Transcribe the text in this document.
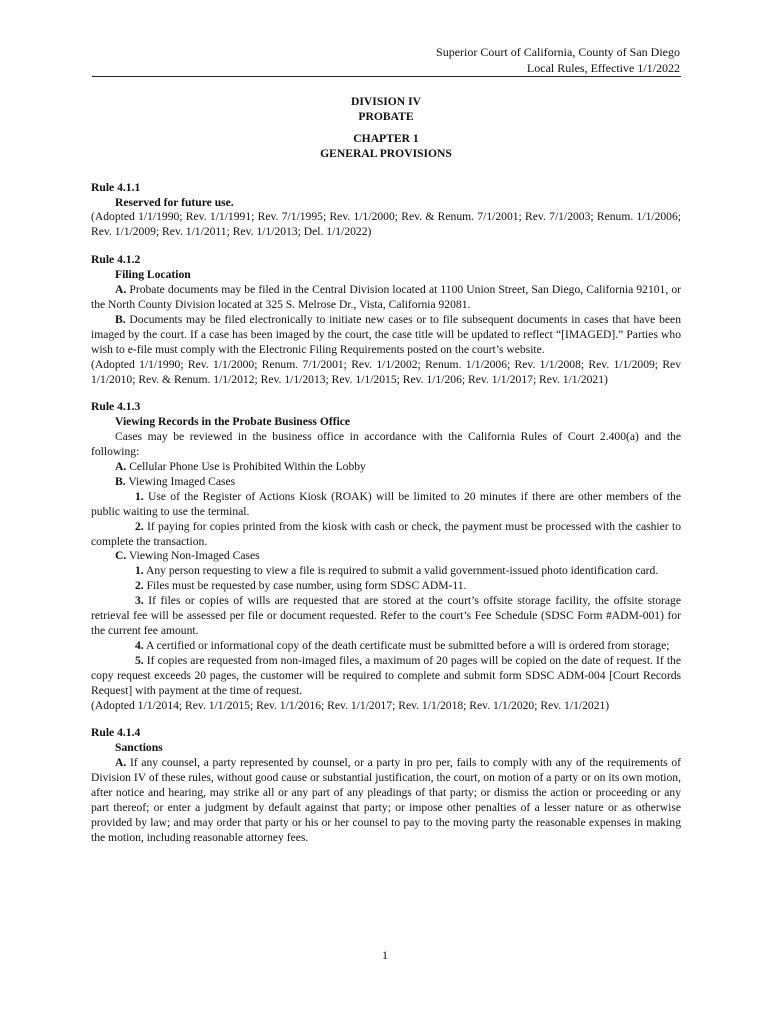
Superior Court of California, County of San Diego
Local Rules, Effective 1/1/2022
DIVISION IV
PROBATE
CHAPTER 1
GENERAL PROVISIONS
Rule 4.1.1
Reserved for future use.

(Adopted 1/1/1990; Rev. 1/1/1991; Rev. 7/1/1995; Rev. 1/1/2000; Rev. & Renum. 7/1/2001; Rev. 7/1/2003; Renum. 1/1/2006; Rev. 1/1/2009; Rev. 1/1/2011; Rev. 1/1/2013; Del. 1/1/2022)

Rule 4.1.2
Filing Location

A. Probate documents may be filed in the Central Division located at 1100 Union Street, San Diego, California 92101, or the North County Division located at 325 S. Melrose Dr., Vista, California 92081.

B. Documents may be filed electronically to initiate new cases or to file subsequent documents in cases that have been imaged by the court. If a case has been imaged by the court, the case title will be updated to reflect “[IMAGED].” Parties who wish to e-file must comply with the Electronic Filing Requirements posted on the court’s website.

(Adopted 1/1/1990; Rev. 1/1/2000; Renum. 7/1/2001; Rev. 1/1/2002; Renum. 1/1/2006; Rev. 1/1/2008; Rev. 1/1/2009; Rev 1/1/2010; Rev. & Renum. 1/1/2012; Rev. 1/1/2013; Rev. 1/1/2015; Rev. 1/1/206; Rev. 1/1/2017; Rev. 1/1/2021)

Rule 4.1.3
Viewing Records in the Probate Business Office

Cases may be reviewed in the business office in accordance with the California Rules of Court 2.400(a) and the following:

A. Cellular Phone Use is Prohibited Within the Lobby

B. Viewing Imaged Cases

1. Use of the Register of Actions Kiosk (ROAK) will be limited to 20 minutes if there are other members of the public waiting to use the terminal.

2. If paying for copies printed from the kiosk with cash or check, the payment must be processed with the cashier to complete the transaction.

C. Viewing Non-Imaged Cases

1. Any person requesting to view a file is required to submit a valid government-issued photo identification card.

2. Files must be requested by case number, using form SDSC ADM-11.

3. If files or copies of wills are requested that are stored at the court’s offsite storage facility, the offsite storage retrieval fee will be assessed per file or document requested. Refer to the court’s Fee Schedule (SDSC Form #ADM-001) for the current fee amount.

4. A certified or informational copy of the death certificate must be submitted before a will is ordered from storage;

5. If copies are requested from non-imaged files, a maximum of 20 pages will be copied on the date of request. If the copy request exceeds 20 pages, the customer will be required to complete and submit form SDSC ADM-004 [Court Records Request] with payment at the time of request.

(Adopted 1/1/2014; Rev. 1/1/2015; Rev. 1/1/2016; Rev. 1/1/2017; Rev. 1/1/2018; Rev. 1/1/2020; Rev. 1/1/2021)

Rule 4.1.4
Sanctions

A. If any counsel, a party represented by counsel, or a party in pro per, fails to comply with any of the requirements of Division IV of these rules, without good cause or substantial justification, the court, on motion of a party or on its own motion, after notice and hearing, may strike all or any part of any pleadings of that party; or dismiss the action or proceeding or any part thereof; or enter a judgment by default against that party; or impose other penalties of a lesser nature or as otherwise provided by law; and may order that party or his or her counsel to pay to the moving party the reasonable expenses in making the motion, including reasonable attorney fees.

1
